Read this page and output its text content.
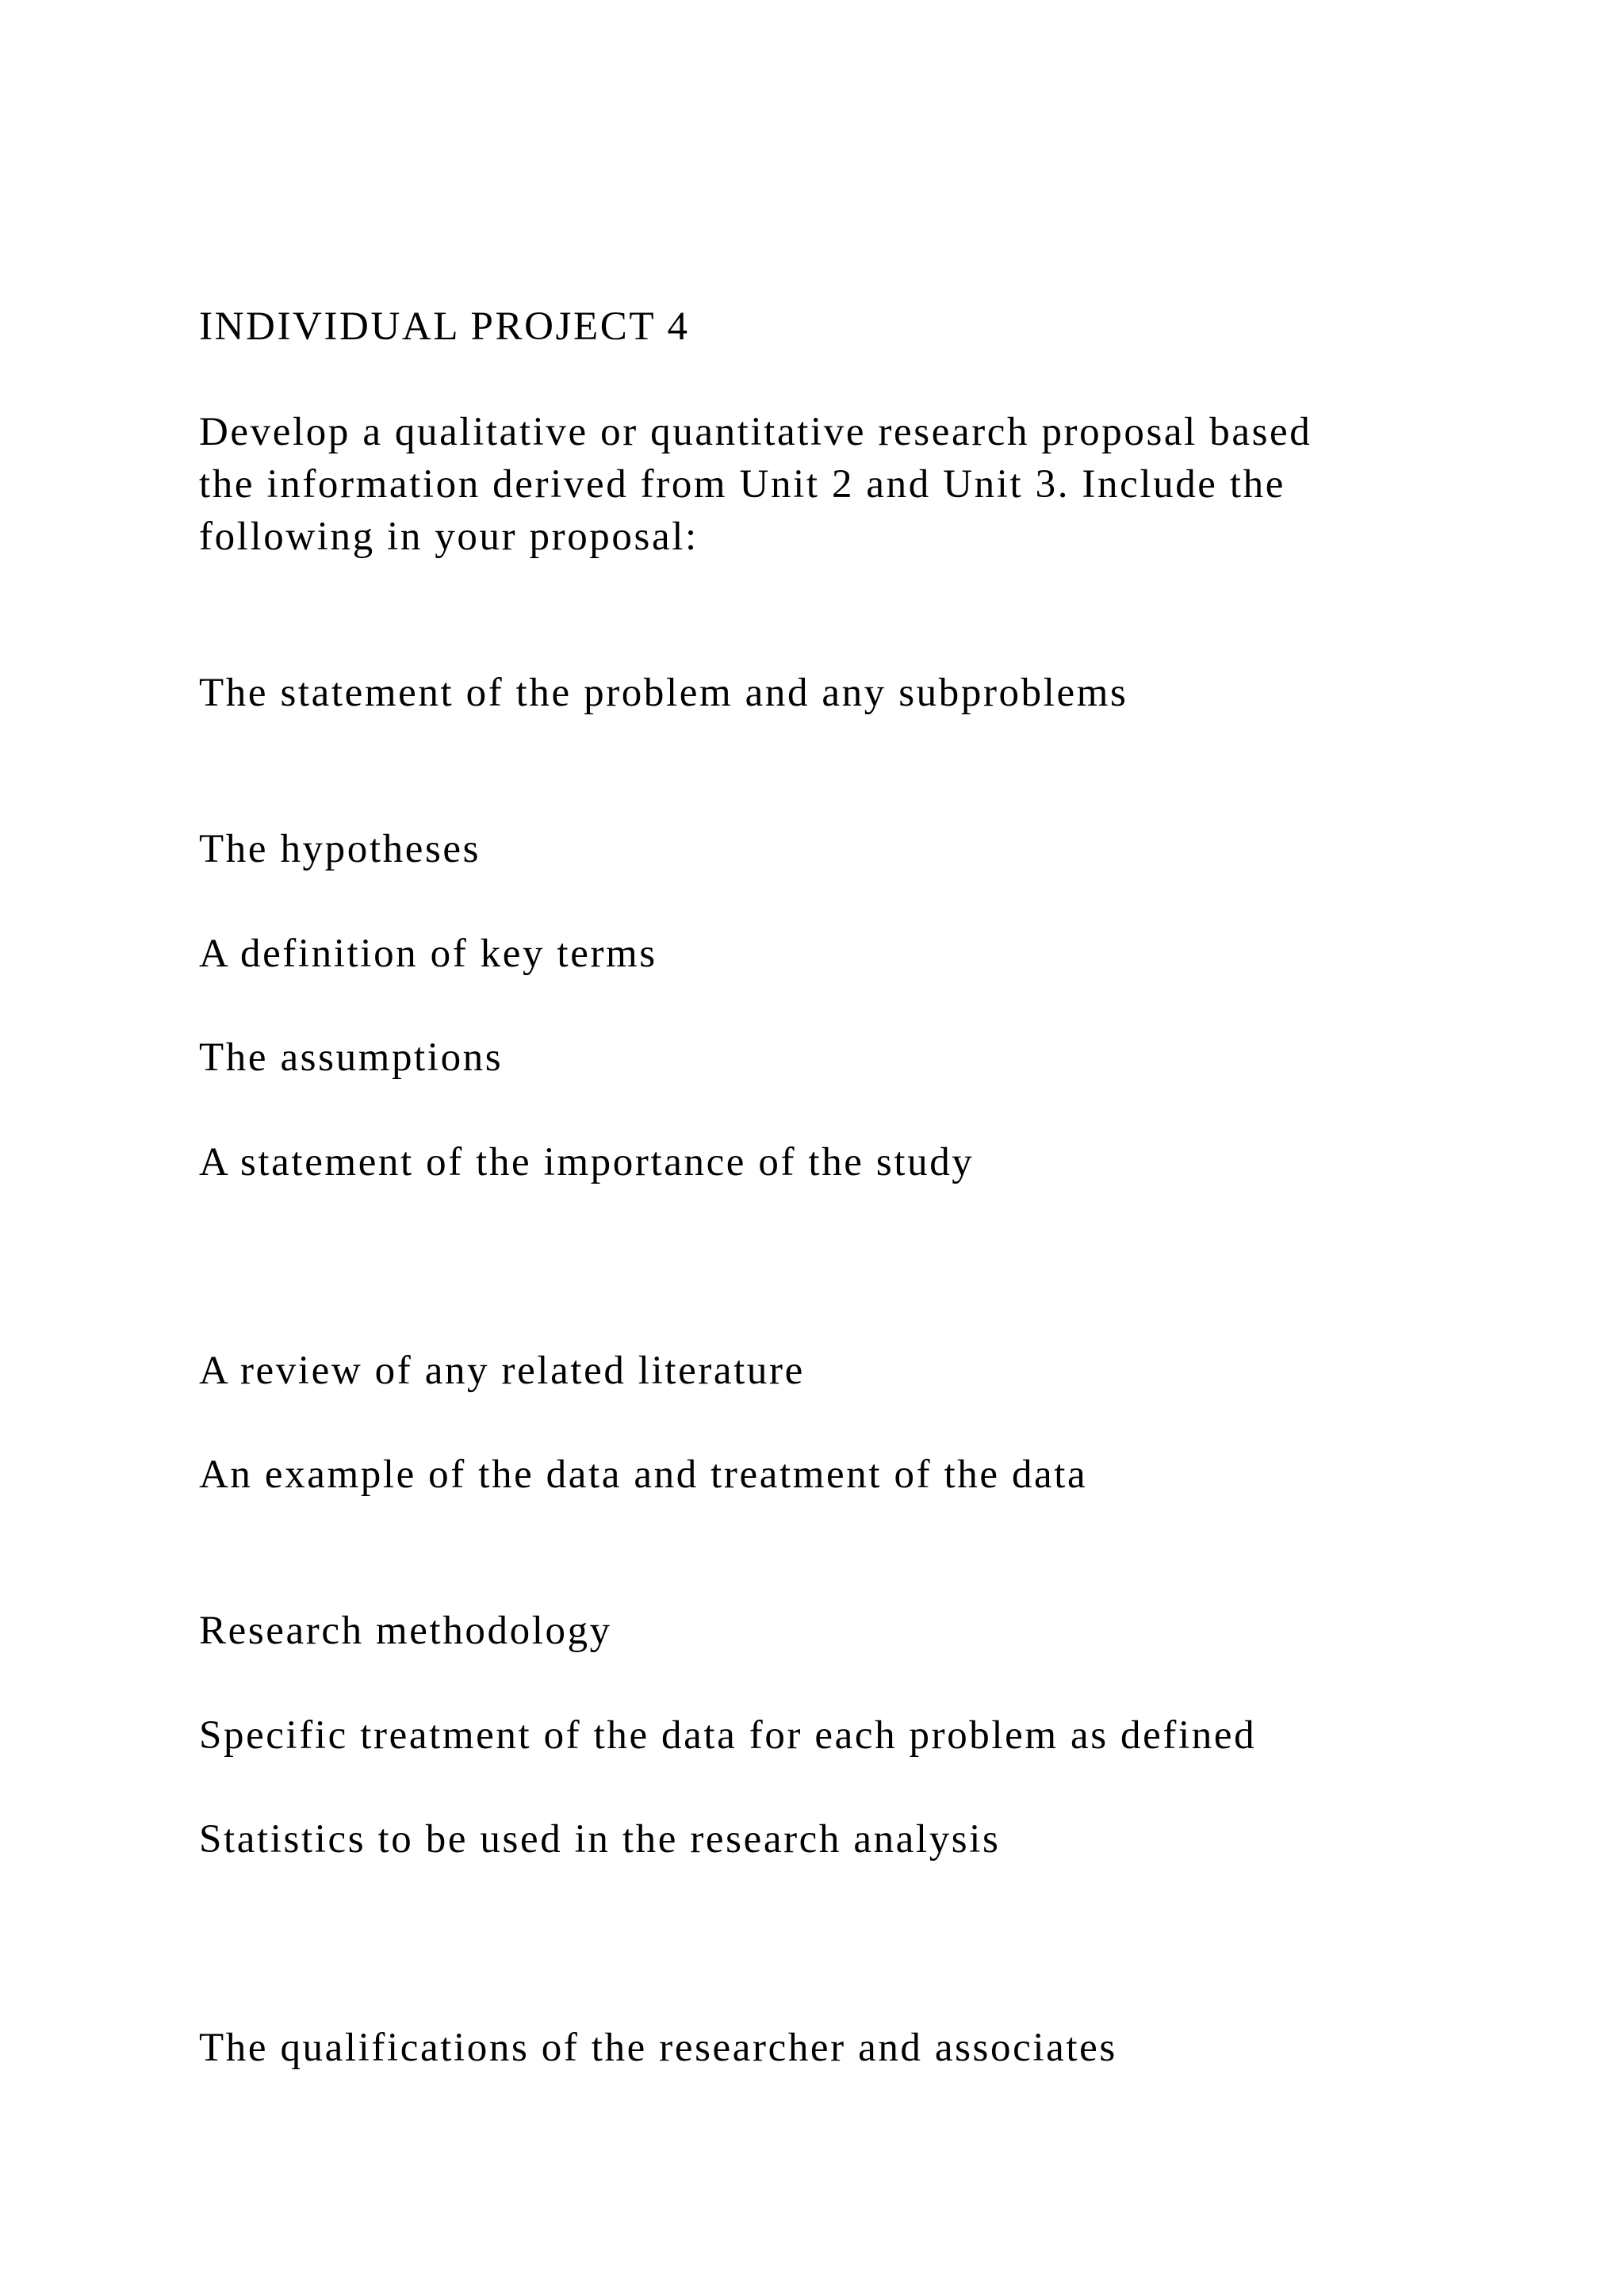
INDIVIDUAL PROJECT 4

Develop a qualitative or quantitative research proposal based
the information derived from Unit 2 and Unit 3. Include the
following in your proposal:

The statement of the problem and any subproblems

The hypotheses

A definition of key terms

The assumptions

A statement of the importance of the study

A review of any related literature

An example of the data and treatment of the data

Research methodology

Specific treatment of the data for each problem as defined

Statistics to be used in the research analysis

The qualifications of the researcher and associates
